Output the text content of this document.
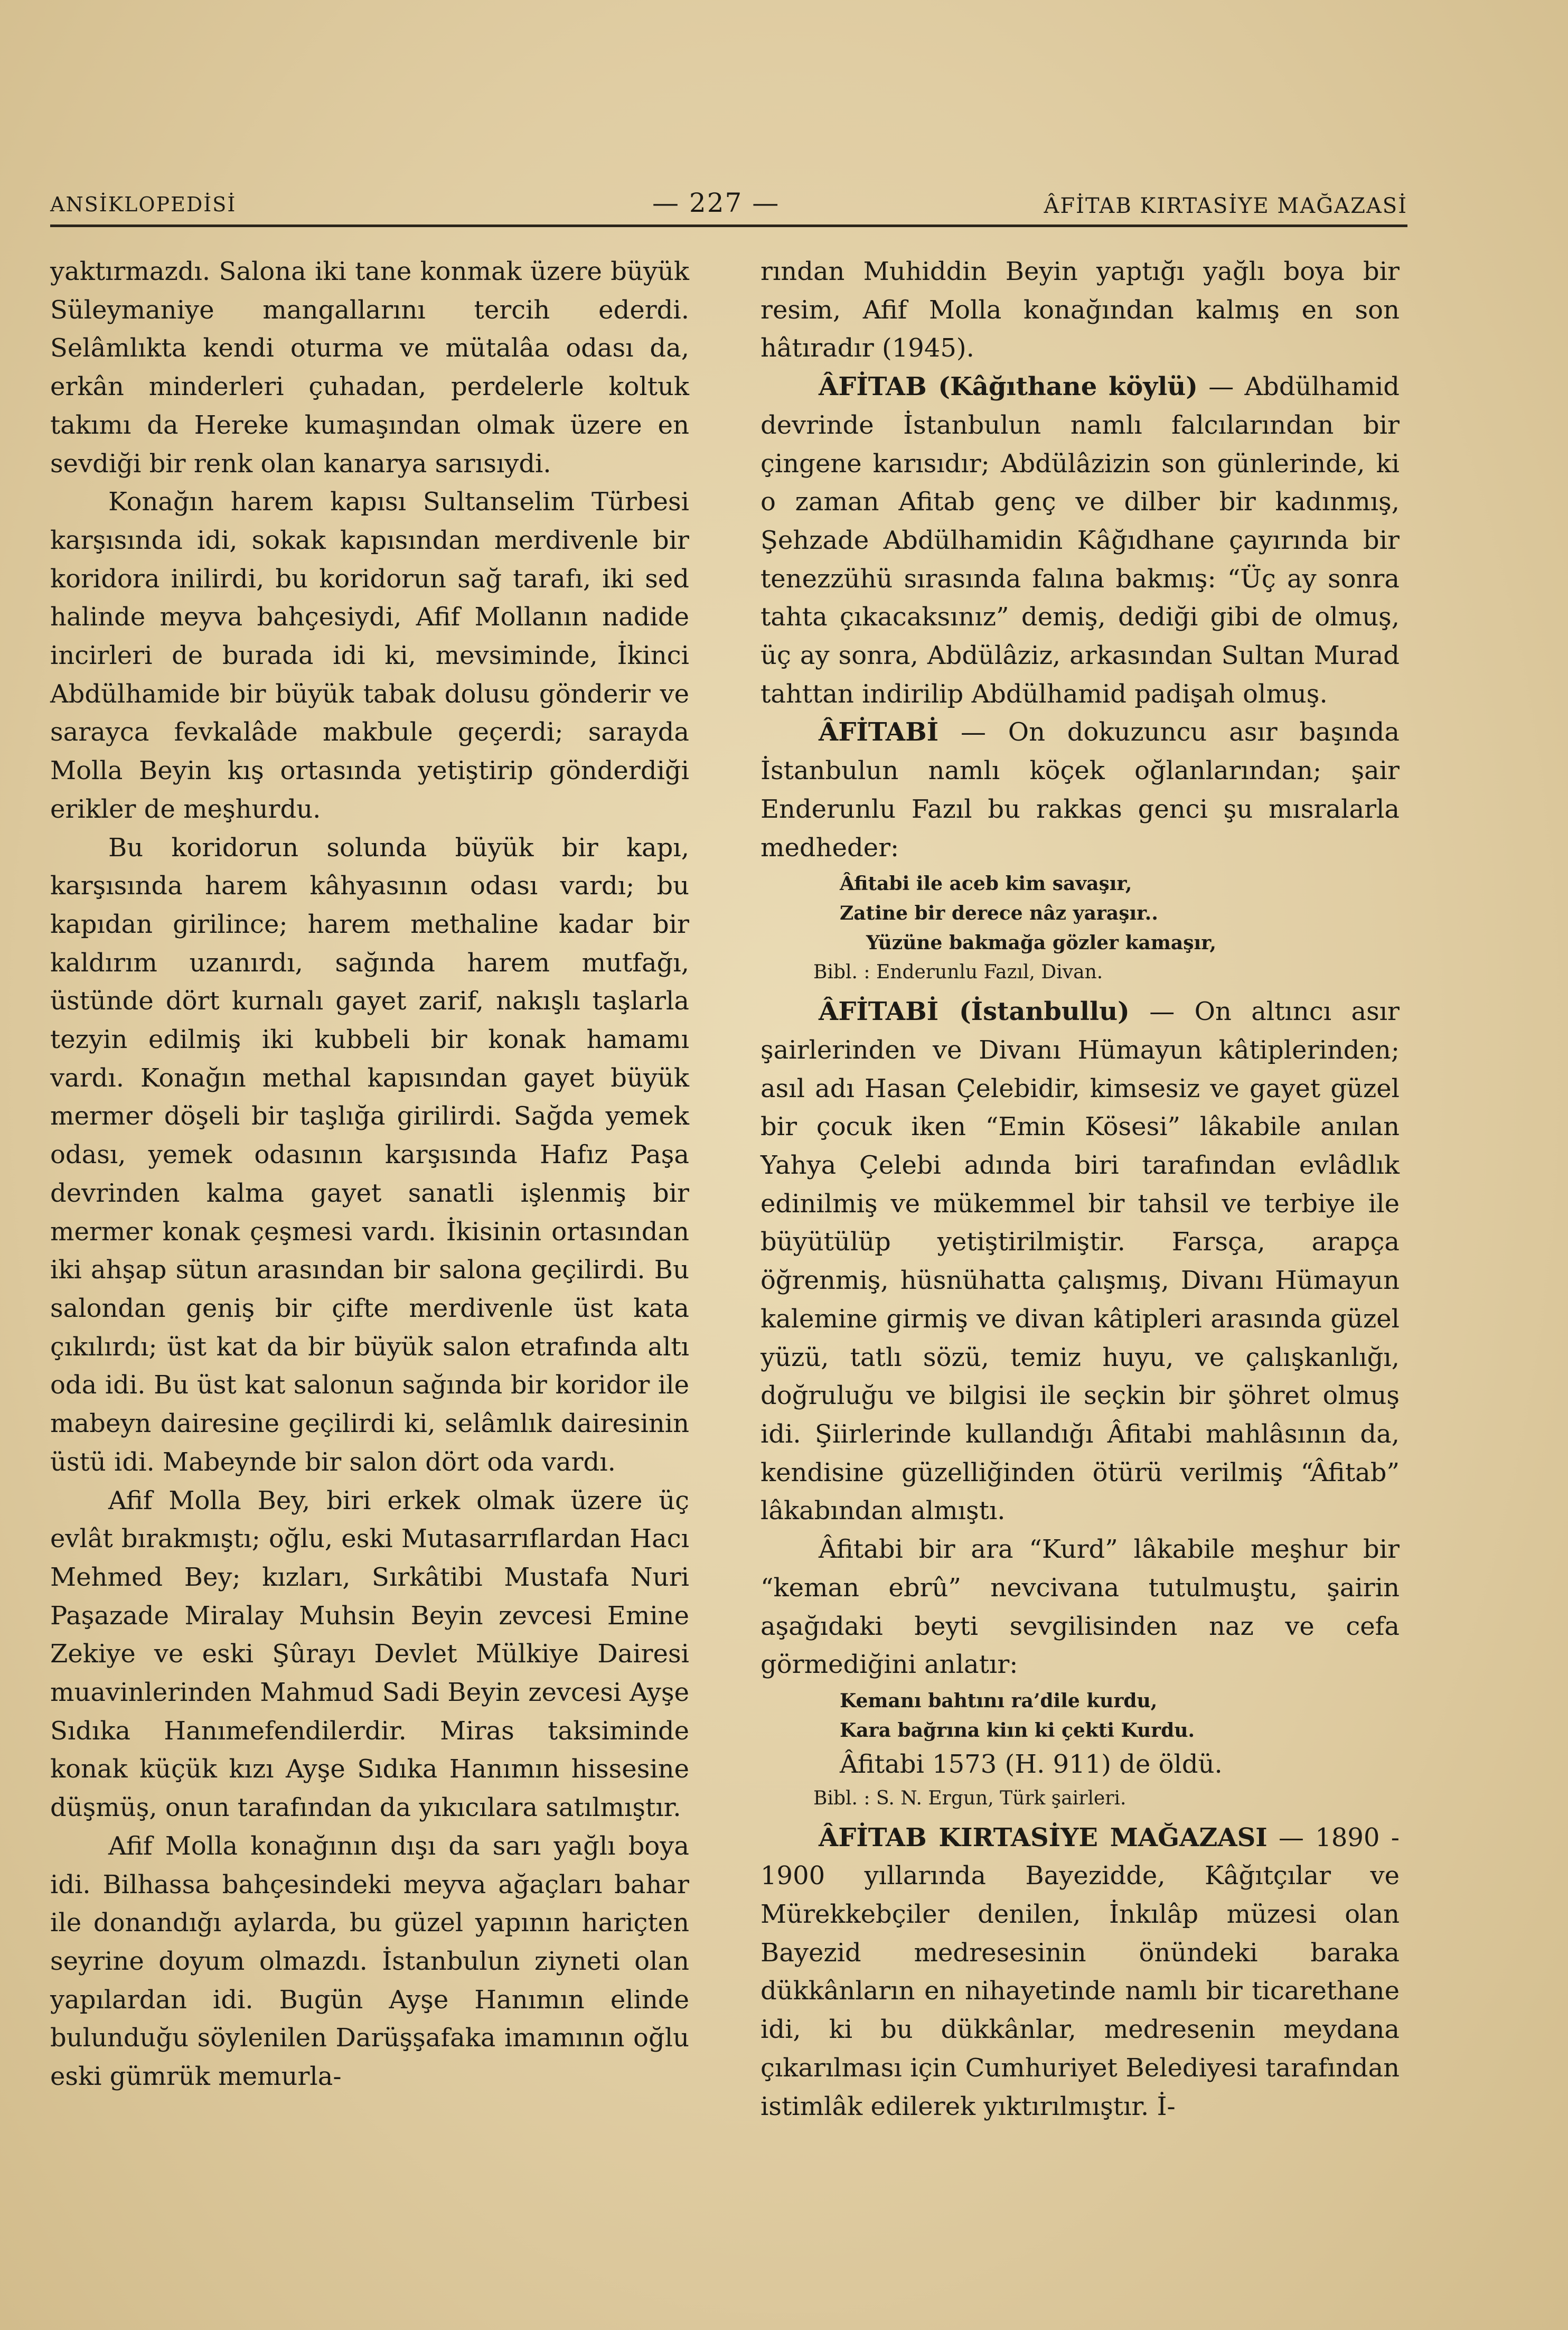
ANSİKLOPEDİSİ	— 227 —	ÂFİTAB KIRTASİYE MAĞAZASİ

yaktırmazdı. Salona iki tane konmak üzere büyük Süleymaniye mangallarını tercih ederdi. Selâmlıkta kendi oturma ve mütalâa odası da, erkân minderleri çuhadan, perdelerle koltuk takımı da Hereke kumaşından olmak üzere en sevdiği bir renk olan kanarya sarısıydi.

Konağın harem kapısı Sultanselim Türbesi karşısında idi, sokak kapısından merdivenle bir koridora inilirdi, bu koridorun sağ tarafı, iki sed halinde meyva bahçesiydi, Afif Mollanın nadide incirleri de burada idi ki, mevsiminde, İkinci Abdülhamide bir büyük tabak dolusu gönderir ve sarayca fevkalâde makbule geçerdi; sarayda Molla Beyin kış ortasında yetiştirip gönderdiği erikler de meşhurdu.

Bu koridorun solunda büyük bir kapı, karşısında harem kâhyasının odası vardı; bu kapıdan girilince; harem methaline kadar bir kaldırım uzanırdı, sağında harem mutfağı, üstünde dört kurnalı gayet zarif, nakışlı taşlarla tezyin edilmiş iki kubbeli bir konak hamamı vardı. Konağın methal kapısından gayet büyük mermer döşeli bir taşlığa girilirdi. Sağda yemek odası, yemek odasının karşısında Hafız Paşa devrinden kalma gayet sanatli işlenmiş bir mermer konak çeşmesi vardı. İkisinin ortasından iki ahşap sütun arasından bir salona geçilirdi. Bu salondan geniş bir çifte merdivenle üst kata çıkılırdı; üst kat da bir büyük salon etrafında altı oda idi. Bu üst kat salonun sağında bir koridor ile mabeyn dairesine geçilirdi ki, selâmlık dairesinin üstü idi. Mabeynde bir salon dört oda vardı.

Afif Molla Bey, biri erkek olmak üzere üç evlât bırakmıştı; oğlu, eski Mutasarrıflardan Hacı Mehmed Bey; kızları, Sırkâtibi Mustafa Nuri Paşazade Miralay Muhsin Beyin zevcesi Emine Zekiye ve eski Şûrayı Devlet Mülkiye Dairesi muavinlerinden Mahmud Sadi Beyin zevcesi Ayşe Sıdıka Hanımefendilerdir. Miras taksiminde konak küçük kızı Ayşe Sıdıka Hanımın hissesine düşmüş, onun tarafından da yıkıcılara satılmıştır.

Afif Molla konağının dışı da sarı yağlı boya idi. Bilhassa bahçesindeki meyva ağaçları bahar ile donandığı aylarda, bu güzel yapının hariçten seyrine doyum olmazdı. İstanbulun ziyneti olan yapılardan idi. Bugün Ayşe Hanımın elinde bulunduğu söylenilen Darüşşafaka imamının oğlu eski gümrük memurla-

rından Muhiddin Beyin yaptığı yağlı boya bir resim, Afif Molla konağından kalmış en son hâtıradır (1945).

ÂFİTAB (Kâğıthane köylü) — Abdülhamid devrinde İstanbulun namlı falcılarından bir çingene karısıdır; Abdülâzizin son günlerinde, ki o zaman Afitab genç ve dilber bir kadınmış, Şehzade Abdülhamidin Kâğıdhane çayırında bir tenezzühü sırasında falına bakmış: “Üç ay sonra tahta çıkacaksınız” demiş, dediği gibi de olmuş, üç ay sonra, Abdülâziz, arkasından Sultan Murad tahttan indirilip Abdülhamid padişah olmuş.

ÂFİTABİ — On dokuzuncu asır başında İstanbulun namlı köçek oğlanlarından; şair Enderunlu Fazıl bu rakkas genci şu mısralarla medheder:

Âfitabi ile aceb kim savaşır,
Zatine bir derece nâz yaraşır..
Yüzüne bakmağa gözler kamaşır,
Bibl. : Enderunlu Fazıl, Divan.

ÂFİTABİ (İstanbullu) — On altıncı asır şairlerinden ve Divanı Hümayun kâtiplerinden; asıl adı Hasan Çelebidir, kimsesiz ve gayet güzel bir çocuk iken “Emin Kösesi” lâkabile anılan Yahya Çelebi adında biri tarafından evlâdlık edinilmiş ve mükemmel bir tahsil ve terbiye ile büyütülüp yetiştirilmiştir. Farsça, arapça öğrenmiş, hüsnühatta çalışmış, Divanı Hümayun kalemine girmiş ve divan kâtipleri arasında güzel yüzü, tatlı sözü, temiz huyu, ve çalışkanlığı, doğruluğu ve bilgisi ile seçkin bir şöhret olmuş idi. Şiirlerinde kullandığı Âfitabi mahlâsının da, kendisine güzelliğinden ötürü verilmiş “Âfitab” lâkabından almıştı.

Âfitabi bir ara “Kurd” lâkabile meşhur bir “keman ebrû” nevcivana tutulmuştu, şairin aşağıdaki beyti sevgilisinden naz ve cefa görmediğini anlatır:

Kemanı bahtını ra’dile kurdu,
Kara bağrına kiın ki çekti Kurdu.
Âfitabi 1573 (H. 911) de öldü.
Bibl. : S. N. Ergun, Türk şairleri.

ÂFİTAB KIRTASİYE MAĞAZASI — 1890 - 1900 yıllarında Bayezidde, Kâğıtçılar ve Mürekkebçiler denilen, İnkılâp müzesi olan Bayezid medresesinin önündeki baraka dükkânların en nihayetinde namlı bir ticarethane idi, ki bu dükkânlar, medresenin meydana çıkarılması için Cumhuriyet Belediyesi tarafından istimlâk edilerek yıktırılmıştır. İ-
